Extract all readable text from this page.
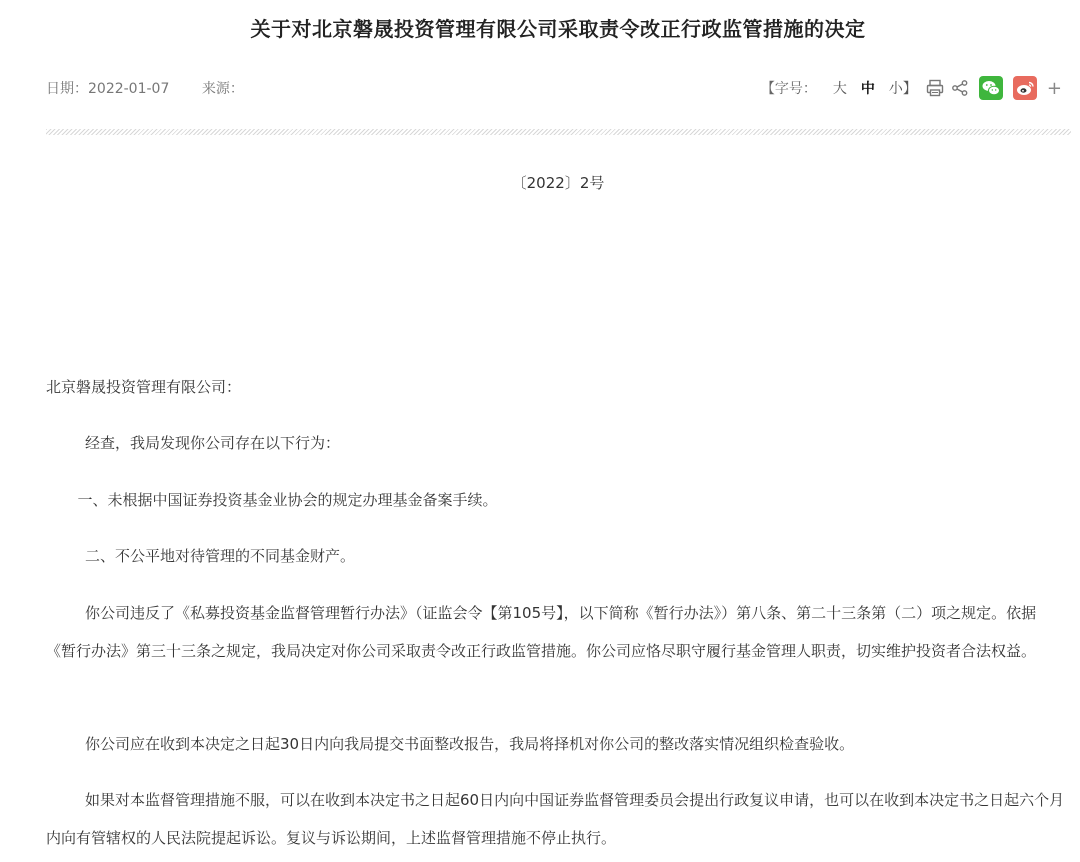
关于对北京磐晟投资管理有限公司采取责令改正行政监管措施的决定
日期：2022-01-07 来源：	【字号： 大 中 小】	+
〔2022〕2号

北京磐晟投资管理有限公司：

经查，我局发现你公司存在以下行为：

一、未根据中国证券投资基金业协会的规定办理基金备案手续。

二、不公平地对待管理的不同基金财产。

你公司违反了《私募投资基金监督管理暂行办法》（证监会令【第105号】，以下简称《暂行办法》）第八条、第二十三条第（二）项之规定。依据《暂行办法》第三十三条之规定，我局决定对你公司采取责令改正行政监管措施。你公司应恪尽职守履行基金管理人职责，切实维护投资者合法权益。

你公司应在收到本决定之日起30日内向我局提交书面整改报告，我局将择机对你公司的整改落实情况组织检查验收。

如果对本监督管理措施不服，可以在收到本决定书之日起60日内向中国证券监督管理委员会提出行政复议申请，也可以在收到本决定书之日起六个月内向有管辖权的人民法院提起诉讼。复议与诉讼期间，上述监督管理措施不停止执行。
